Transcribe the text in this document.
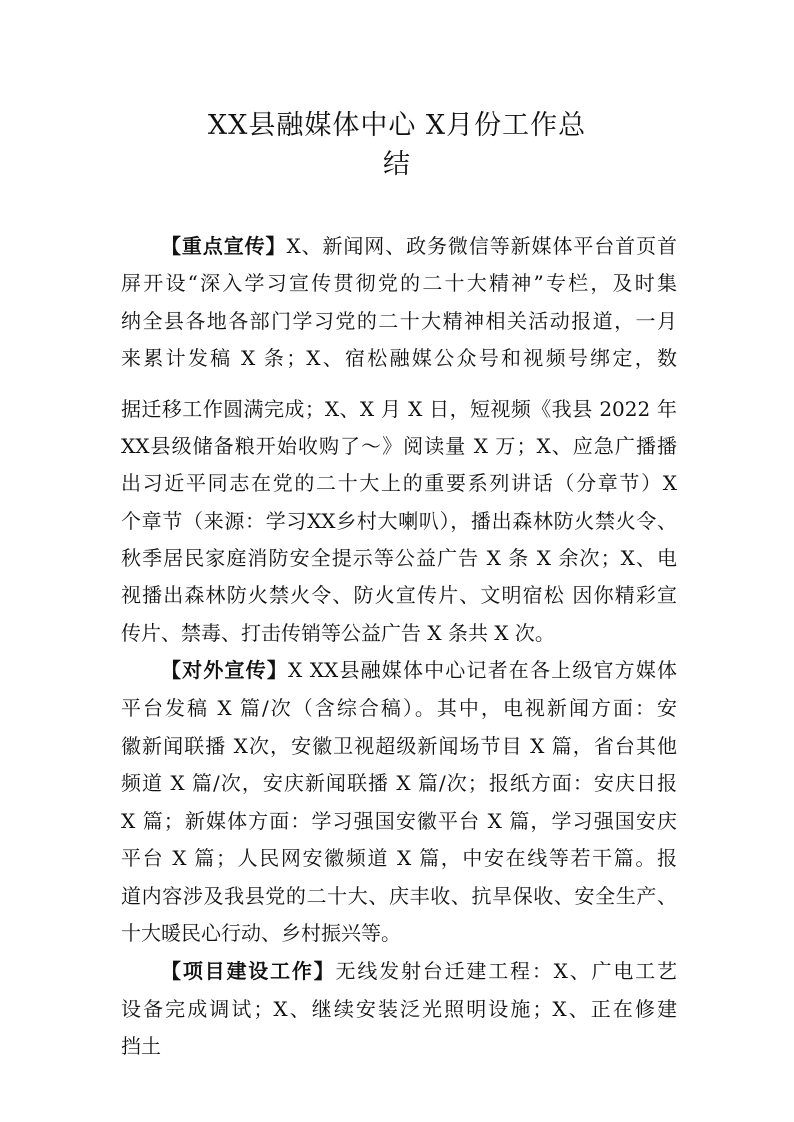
XX县融媒体中心 X月份工作总
结
【重点宣传】X、新闻网、政务微信等新媒体平台首页首
屏开设“深入学习宣传贯彻党的二十大精神”专栏，及时集
纳全县各地各部门学习党的二十大精神相关活动报道，一月
来累计发稿 X 条；X、宿松融媒公众号和视频号绑定，数
据迁移工作圆满完成；X、X 月 X 日，短视频《我县 2022 年
XX县级储备粮开始收购了～》阅读量 X 万；X、应急广播播
出习近平同志在党的二十大上的重要系列讲话（分章节）X
个章节（来源：学习XX乡村大喇叭），播出森林防火禁火令、
秋季居民家庭消防安全提示等公益广告 X 条 X 余次；X、电
视播出森林防火禁火令、防火宣传片、文明宿松 因你精彩宣
传片、禁毒、打击传销等公益广告 X 条共 X 次。
【对外宣传】X XX县融媒体中心记者在各上级官方媒体
平台发稿 X 篇/次（含综合稿）。其中，电视新闻方面：安
徽新闻联播 X次，安徽卫视超级新闻场节目 X 篇，省台其他
频道 X 篇/次，安庆新闻联播 X 篇/次；报纸方面：安庆日报
X 篇；新媒体方面：学习强国安徽平台 X 篇，学习强国安庆
平台 X 篇；人民网安徽频道 X 篇，中安在线等若干篇。报
道内容涉及我县党的二十大、庆丰收、抗旱保收、安全生产、
十大暖民心行动、乡村振兴等。
【项目建设工作】无线发射台迁建工程：X、广电工艺
设备完成调试；X、继续安装泛光照明设施；X、正在修建
挡土
